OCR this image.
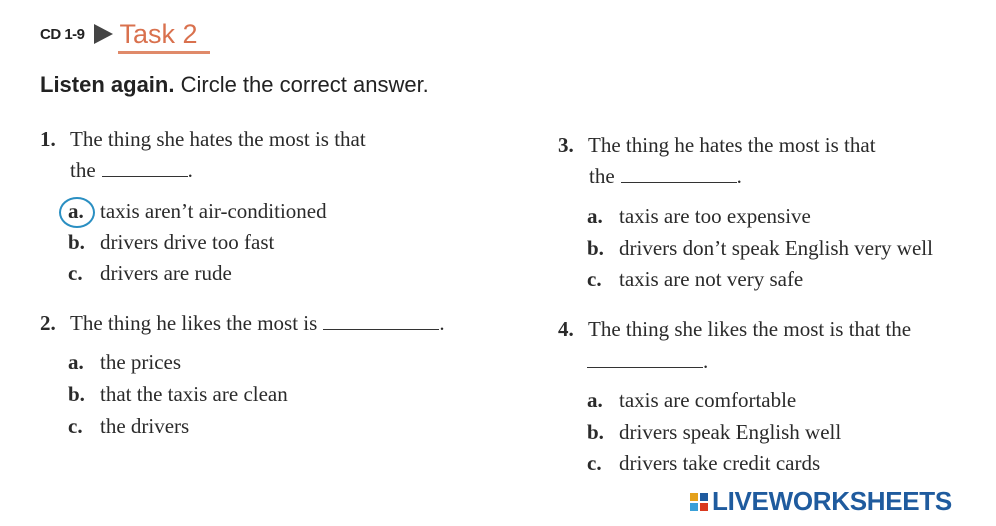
CD 1-9 Task 2
Listen again. Circle the correct answer.
1. The thing she hates the most is that
the	.
a. taxis aren’t air-conditioned
b. drivers drive too fast
c. drivers are rude
2. The thing he likes the most is	.
a. the prices
b. that the taxis are clean
c. the drivers
3. The thing he hates the most is that
the	.
a. taxis are too expensive
b. drivers don’t speak English very well
c. taxis are not very safe
4. The thing she likes the most is that the
.
a. taxis are comfortable
b. drivers speak English well
c. drivers take credit cards
LIVEWORKSHEETS
